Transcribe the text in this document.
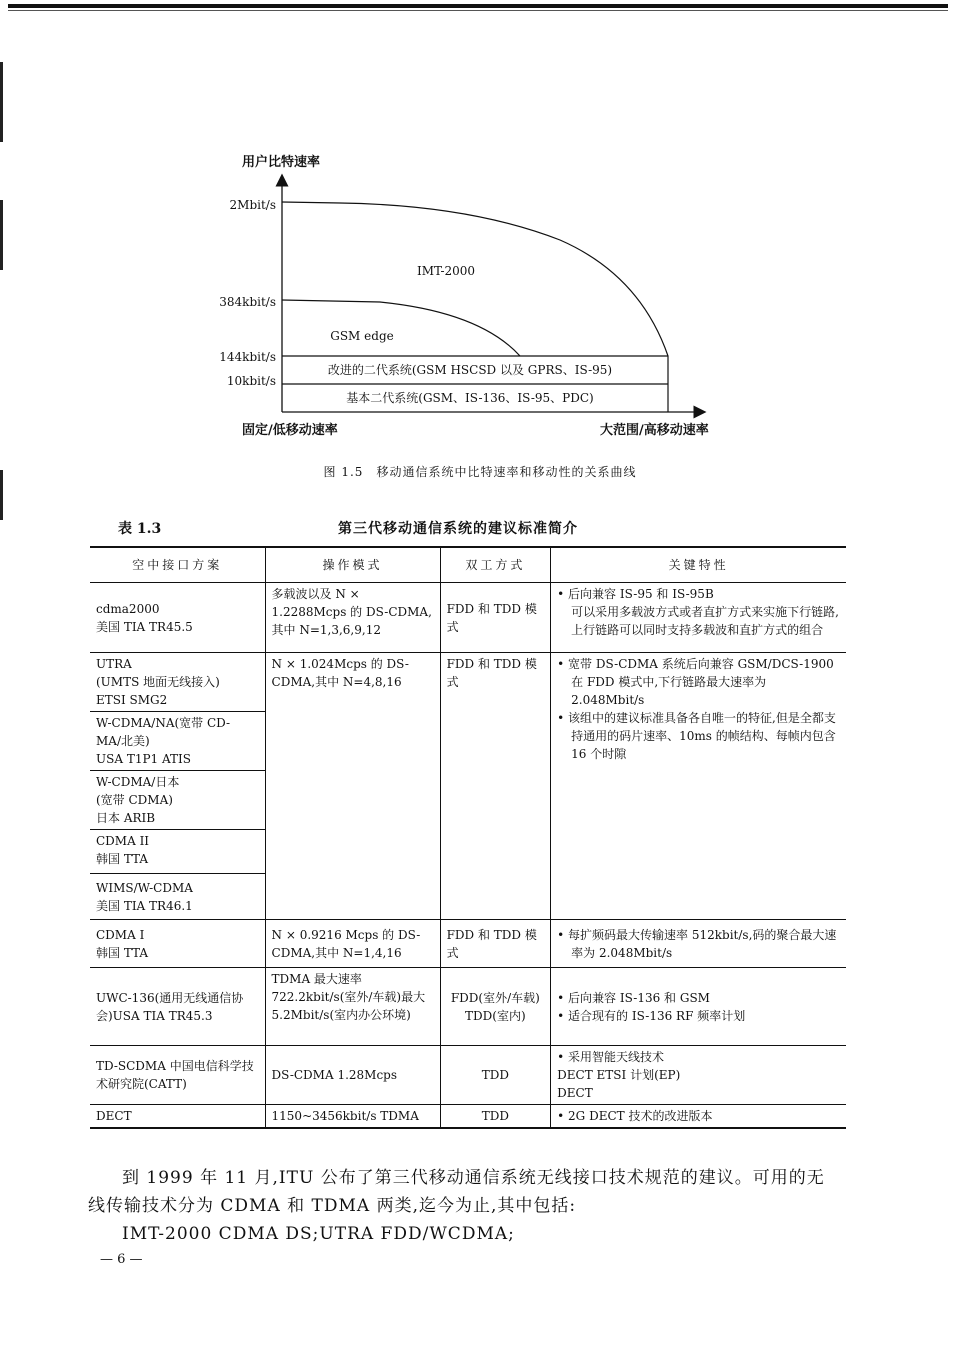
用户比特速率
2Mbit/s
384kbit/s
144kbit/s
10kbit/s
IMT-2000
GSM edge
改进的二代系统(GSM HSCSD 以及 GPRS、IS-95)
基本二代系统(GSM、IS-136、IS-95、PDC)
固定/低移动速率	大范围/高移动速率
图 1.5　移动通信系统中比特速率和移动性的关系曲线
表 1.3	第三代移动通信系统的建议标准简介
空中接口方案	操作模式	双工方式	关键特性

cdma2000
美国 TIA TR45.5	多载波以及 N × 1.2288Mcps 的 DS-CDMA,其中 N=1,3,6,9,12	FDD 和 TDD 模式	• 后向兼容 IS-95 和 IS-95B
可以采用多载波方式或者直扩方式来实施下行链路,上行链路可以同时支持多载波和直扩方式的组合

UTRA
(UMTS 地面无线接入)
ETSI SMG2	N × 1.024Mcps 的 DS-CDMA,其中 N=4,8,16	FDD 和 TDD 模式	• 宽带 DS-CDMA 系统后向兼容 GSM/DCS-1900 在 FDD 模式中,下行链路最大速率为 2.048Mbit/s
• 该组中的建议标准具备各自唯一的特征,但是全都支持通用的码片速率、10ms 的帧结构、每帧内包含 16 个时隙

W-CDMA/NA(宽带 CD-
MA/北美)
USA T1P1 ATIS			

W-CDMA/日本
(宽带 CDMA)
日本 ARIB			

CDMA II
韩国 TTA			

WIMS/W-CDMA
美国 TIA TR46.1			

CDMA I
韩国 TTA	N × 0.9216 Mcps 的 DS-CDMA,其中 N=1,4,16	FDD 和 TDD 模式	• 每扩频码最大传输速率 512kbit/s,码的聚合最大速率为 2.048Mbit/s

UWC-136(通用无线通信协会)USA TIA TR45.3	TDMA 最大速率 722.2kbit/s(室外/车载)最大 5.2Mbit/s(室内办公环境)	FDD(室外/车载)
TDD(室内)	• 后向兼容 IS-136 和 GSM
• 适合现有的 IS-136 RF 频率计划

TD-SCDMA 中国电信科学技术研究院(CATT)	DS-CDMA 1.28Mcps	TDD	• 采用智能天线技术
DECT ETSI 计划(EP)
DECT

DECT	1150~3456kbit/s TDMA	TDD	• 2G DECT 技术的改进版本
到 1999 年 11 月,ITU 公布了第三代移动通信系统无线接口技术规范的建议。可用的无
线传输技术分为 CDMA 和 TDMA 两类,迄今为止,其中包括:
IMT-2000 CDMA DS;UTRA FDD/WCDMA;
— 6 —
